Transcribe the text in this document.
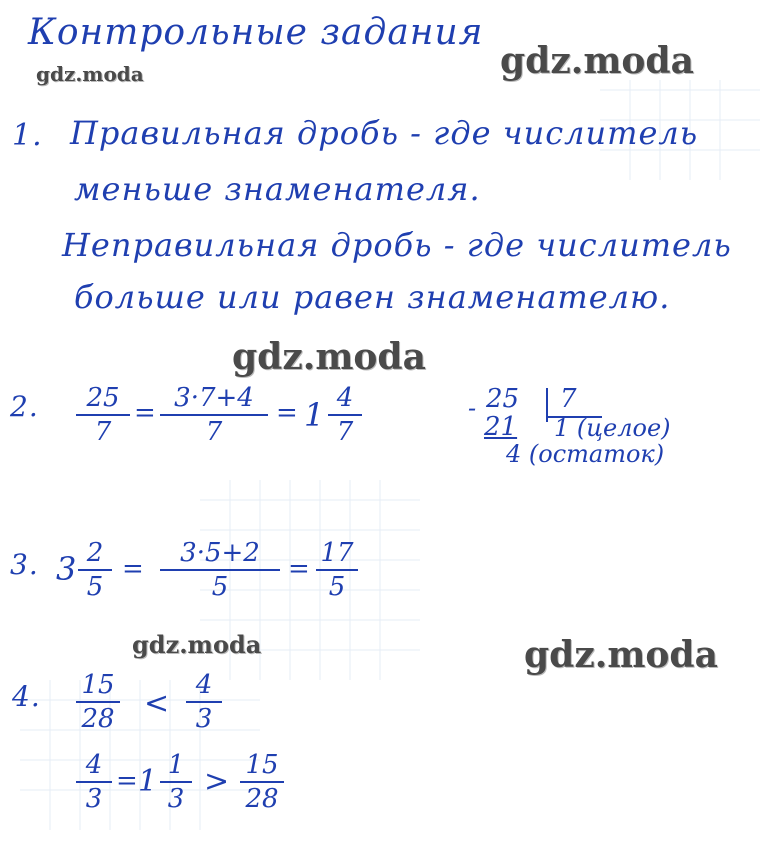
Контрольные задания
gdz.moda	gdz.moda
gdz.moda
gdz.moda	gdz.moda
1. Правильная дробь - где числитель
меньше знаменателя.
Неправильная дробь - где числитель
больше или равен знаменателю.
2.	25
7
= 3·7+4
7
= 1 4
7
- 25 7
21 1 (целое)
4 (остаток)
3. 3 2
5
=
3·5+2
5
=
17
5
4. 15
28 <
4
3
4
3
= 1 1
3 > 15
28
